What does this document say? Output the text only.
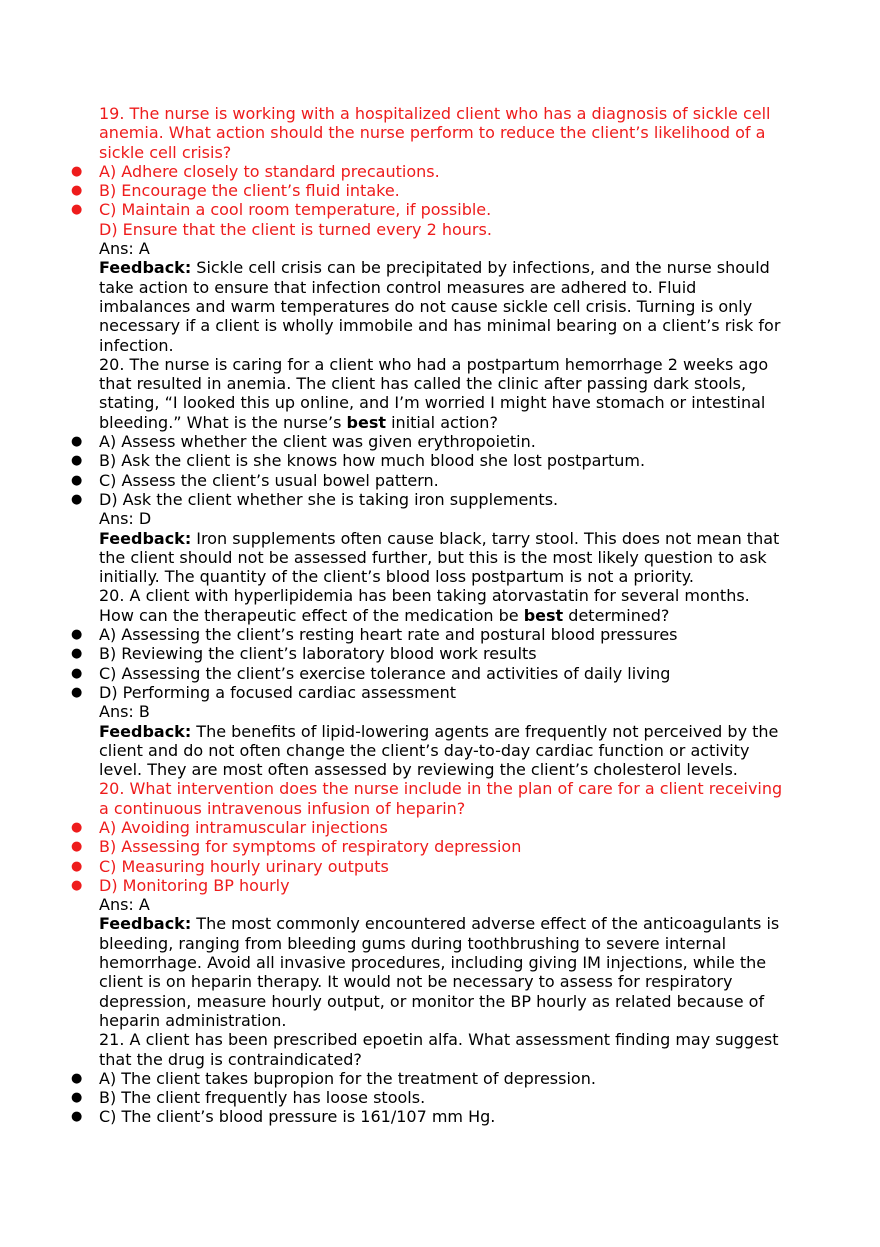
19. The nurse is working with a hospitalized client who has a diagnosis of sickle cell anemia. What action should the nurse perform to reduce the client’s likelihood of a sickle cell crisis?
● A) Adhere closely to standard precautions.
● B) Encourage the client’s fluid intake.
● C) Maintain a cool room temperature, if possible.
D) Ensure that the client is turned every 2 hours.
Ans: A
Feedback: Sickle cell crisis can be precipitated by infections, and the nurse should take action to ensure that infection control measures are adhered to. Fluid imbalances and warm temperatures do not cause sickle cell crisis. Turning is only necessary if a client is wholly immobile and has minimal bearing on a client’s risk for infection.
20. The nurse is caring for a client who had a postpartum hemorrhage 2 weeks ago that resulted in anemia. The client has called the clinic after passing dark stools, stating, “I looked this up online, and I’m worried I might have stomach or intestinal bleeding.” What is the nurse’s best initial action?
● A) Assess whether the client was given erythropoietin.
● B) Ask the client is she knows how much blood she lost postpartum.
● C) Assess the client’s usual bowel pattern.
● D) Ask the client whether she is taking iron supplements.
Ans: D
Feedback: Iron supplements often cause black, tarry stool. This does not mean that the client should not be assessed further, but this is the most likely question to ask initially. The quantity of the client’s blood loss postpartum is not a priority.
20. A client with hyperlipidemia has been taking atorvastatin for several months. How can the therapeutic effect of the medication be best determined?
● A) Assessing the client’s resting heart rate and postural blood pressures
● B) Reviewing the client’s laboratory blood work results
● C) Assessing the client’s exercise tolerance and activities of daily living
● D) Performing a focused cardiac assessment
Ans: B
Feedback: The benefits of lipid-lowering agents are frequently not perceived by the client and do not often change the client’s day-to-day cardiac function or activity level. They are most often assessed by reviewing the client’s cholesterol levels.
20. What intervention does the nurse include in the plan of care for a client receiving a continuous intravenous infusion of heparin?
● A) Avoiding intramuscular injections
● B) Assessing for symptoms of respiratory depression
● C) Measuring hourly urinary outputs
● D) Monitoring BP hourly
Ans: A
Feedback: The most commonly encountered adverse effect of the anticoagulants is bleeding, ranging from bleeding gums during toothbrushing to severe internal hemorrhage. Avoid all invasive procedures, including giving IM injections, while the client is on heparin therapy. It would not be necessary to assess for respiratory depression, measure hourly output, or monitor the BP hourly as related because of heparin administration.
21. A client has been prescribed epoetin alfa. What assessment finding may suggest that the drug is contraindicated?
● A) The client takes bupropion for the treatment of depression.
● B) The client frequently has loose stools.
● C) The client’s blood pressure is 161/107 mm Hg.
